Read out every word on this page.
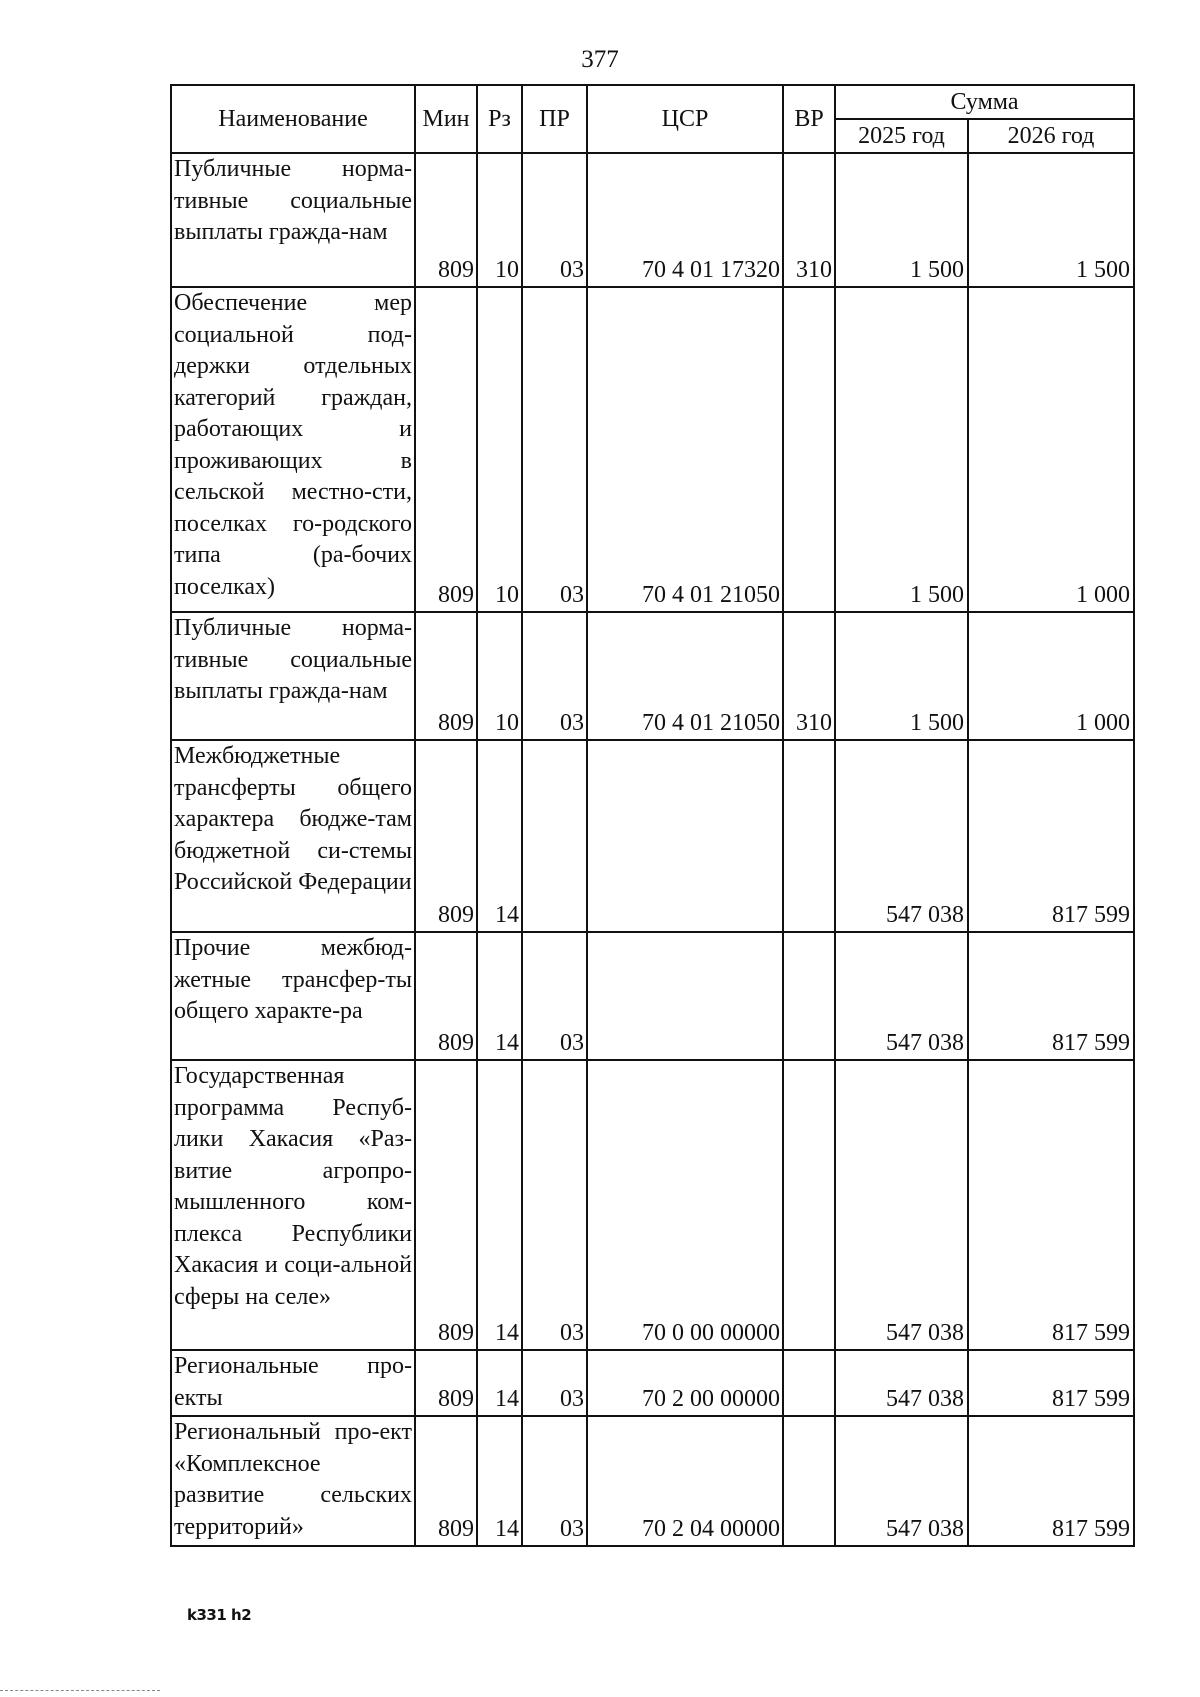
377
Наименование	Мин	Рз	ПР	ЦСР	ВР	Сумма	
						2025 год	2026 год
Публичные норма-тивные социальные выплаты гражда-нам	809	10	03	70 4 01 17320	310	1 500	1 500
Обеспечение мер социальной под-держки отдельных категорий граждан, работающих и проживающих в сельской местно-сти, поселках го-родского типа (ра-бочих поселках)	809	10	03	70 4 01 21050		1 500	1 000
Публичные норма-тивные социальные выплаты гражда-нам	809	10	03	70 4 01 21050	310	1 500	1 000
Межбюджетные трансферты общего характера бюдже-там бюджетной си-стемы Российской Федерации	809	14				547 038	817 599
Прочие межбюд-жетные трансфер-ты общего характе-ра	809	14	03			547 038	817 599
Государственная программа Респуб-лики Хакасия «Раз-витие агропро-мышленного ком-плекса Республики Хакасия и соци-альной сферы на селе»	809	14	03	70 0 00 00000		547 038	817 599
Региональные про-екты	809	14	03	70 2 00 00000		547 038	817 599
Региональный про-ект «Комплексное развитие сельских территорий»	809	14	03	70 2 04 00000		547 038	817 599
k331 h2
